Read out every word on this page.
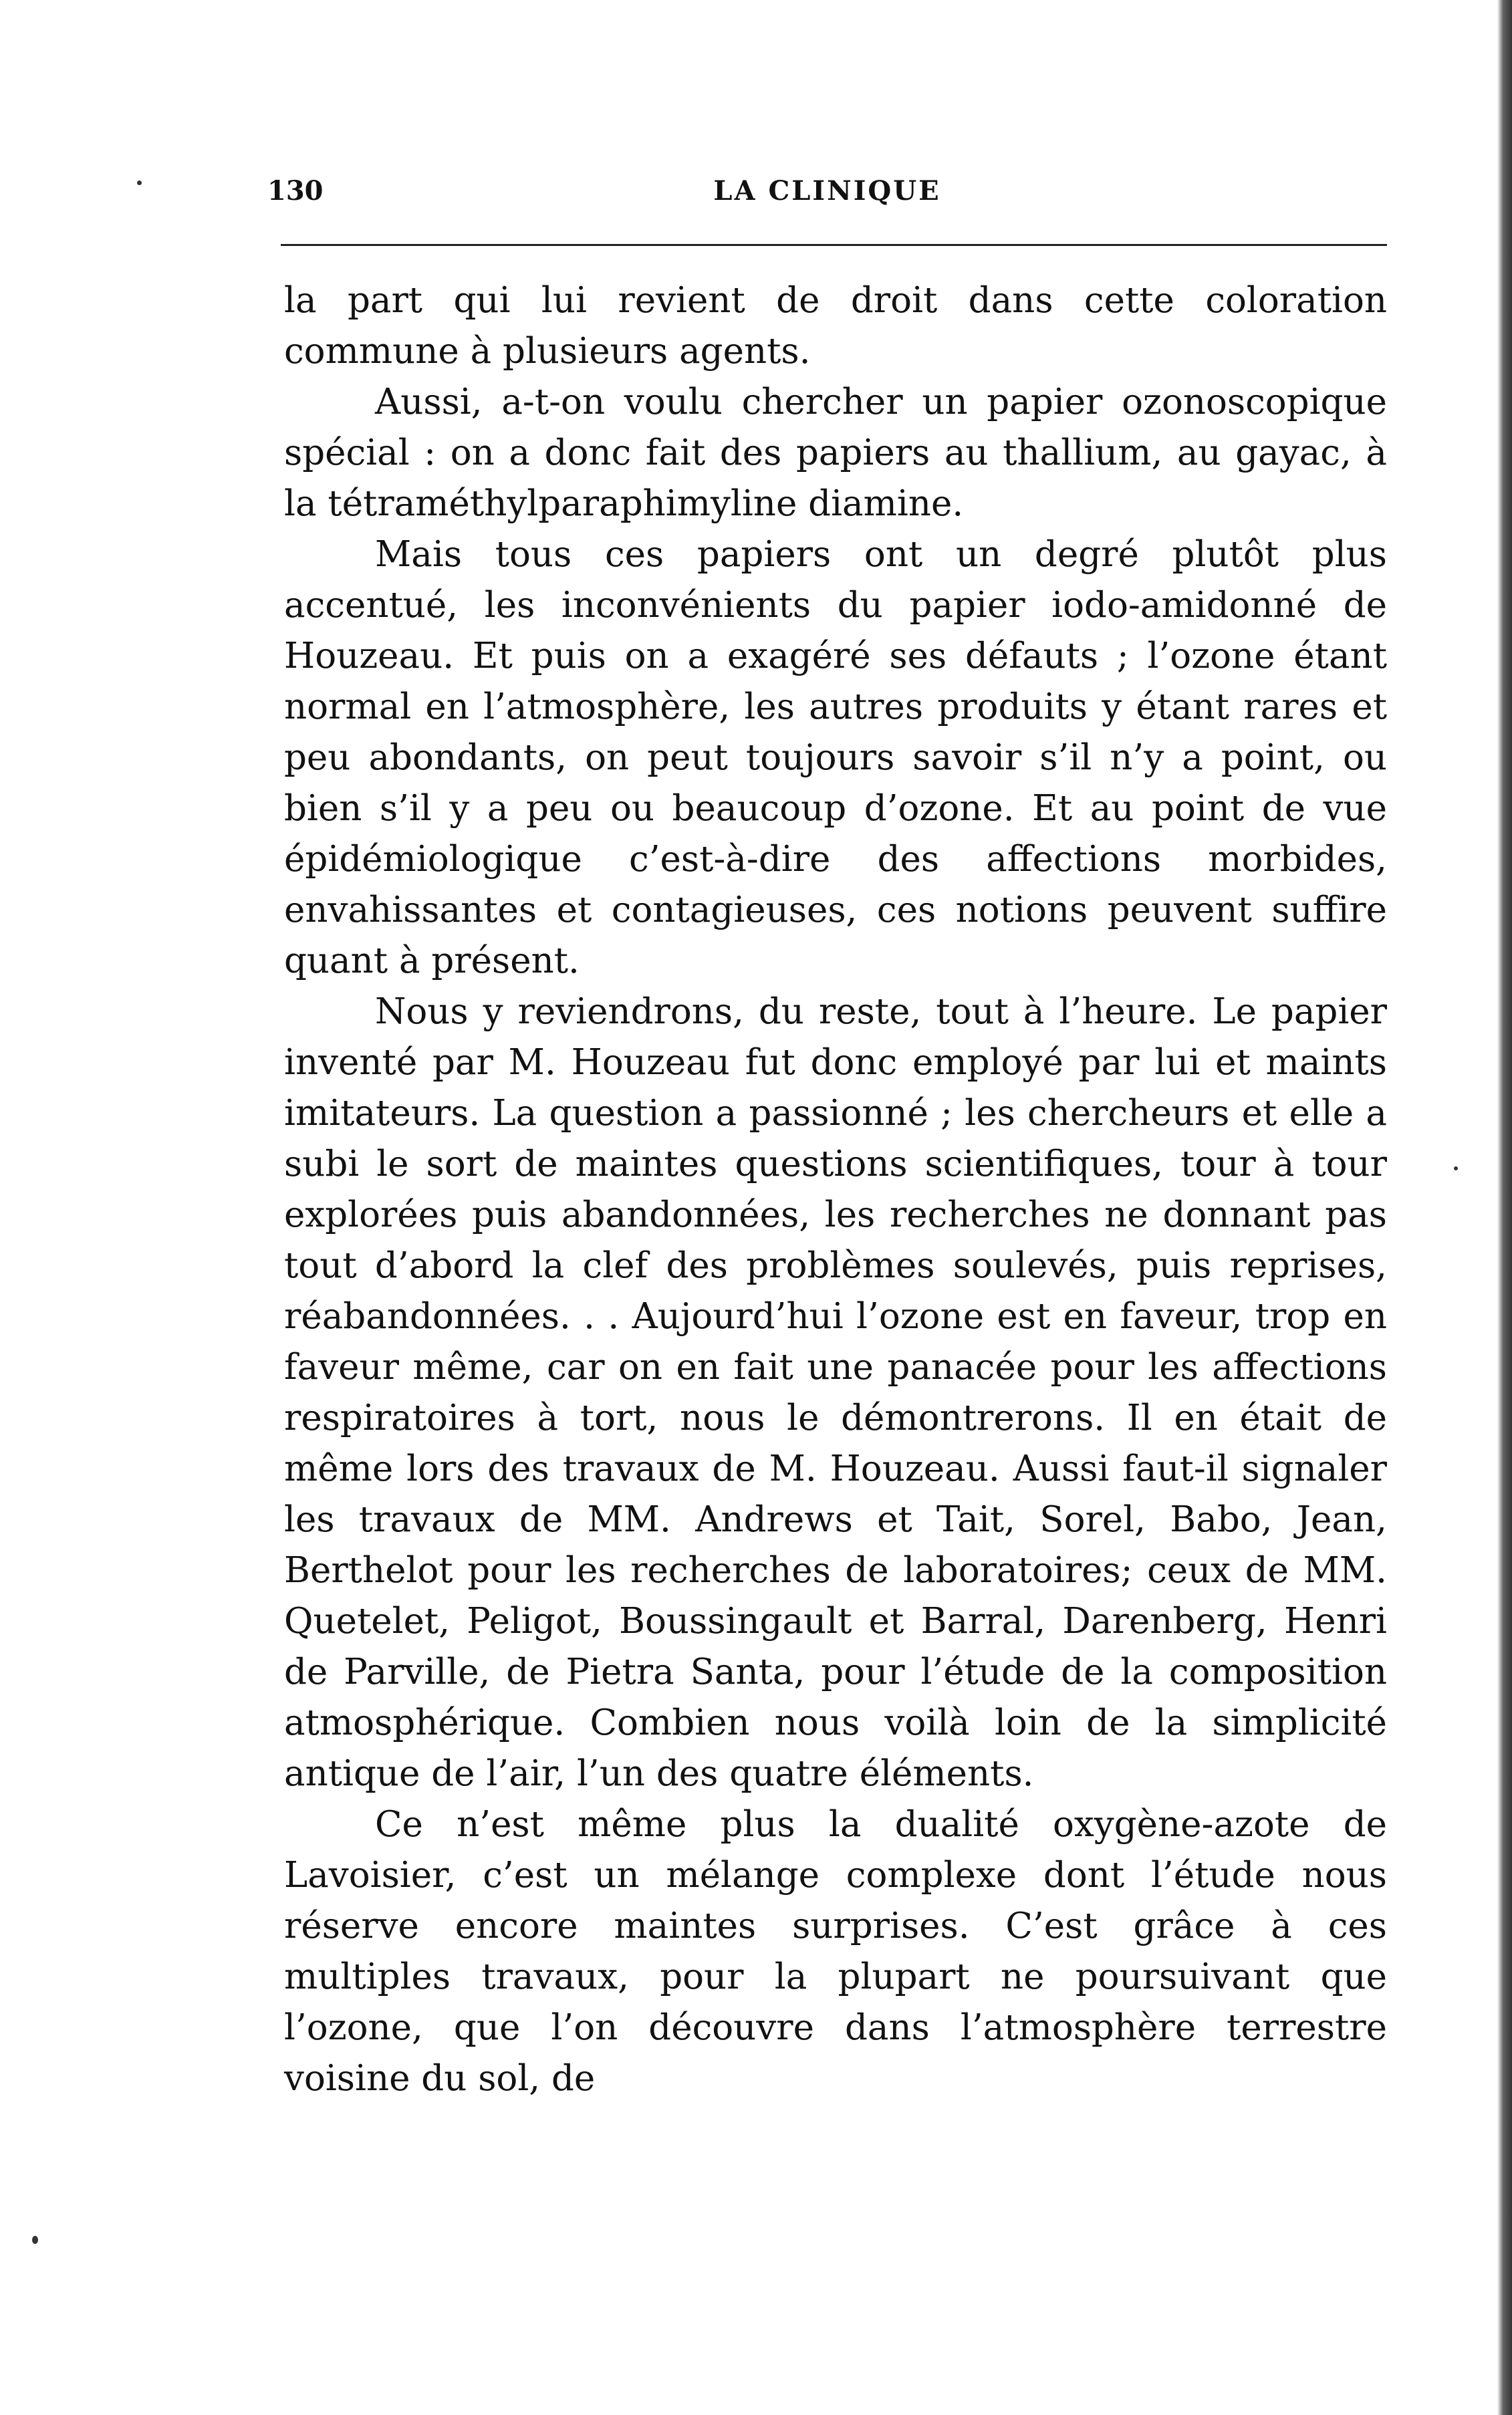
130	LA CLINIQUE

la part qui lui revient de droit dans cette coloration commune à plusieurs agents.

Aussi, a-t-on voulu chercher un papier ozonoscopique spécial : on a donc fait des papiers au thallium, au gayac, à la tétraméthylparaphimyline diamine.

Mais tous ces papiers ont un degré plutôt plus accentué, les inconvénients du papier iodo-amidonné de Houzeau. Et puis on a exagéré ses défauts ; l’ozone étant normal en l’atmosphère, les autres produits y étant rares et peu abondants, on peut toujours savoir s’il n’y a point, ou bien s’il y a peu ou beaucoup d’ozone. Et au point de vue épidémiologique c’est-à-dire des affections morbides, envahissantes et contagieuses, ces notions peuvent suffire quant à présent.

Nous y reviendrons, du reste, tout à l’heure. Le papier inventé par M. Houzeau fut donc employé par lui et maints imitateurs. La question a passionné ; les chercheurs et elle a subi le sort de maintes questions scientifiques, tour à tour explorées puis abandonnées, les recherches ne donnant pas tout d’abord la clef des problèmes soulevés, puis reprises, réabandonnées. . . Aujourd’hui l’ozone est en faveur, trop en faveur même, car on en fait une panacée pour les affections respiratoires à tort, nous le démontrerons. Il en était de même lors des travaux de M. Houzeau. Aussi faut-il signaler les travaux de MM. Andrews et Tait, Sorel, Babo, Jean, Berthelot pour les recherches de laboratoires; ceux de MM. Quetelet, Peligot, Boussingault et Barral, Darenberg, Henri de Parville, de Pietra Santa, pour l’étude de la composition atmosphérique. Combien nous voilà loin de la simplicité antique de l’air, l’un des quatre éléments.

Ce n’est même plus la dualité oxygène-azote de Lavoisier, c’est un mélange complexe dont l’étude nous réserve encore maintes surprises. C’est grâce à ces multiples travaux, pour la plupart ne poursuivant que l’ozone, que l’on découvre dans l’atmosphère terrestre voisine du sol, de
